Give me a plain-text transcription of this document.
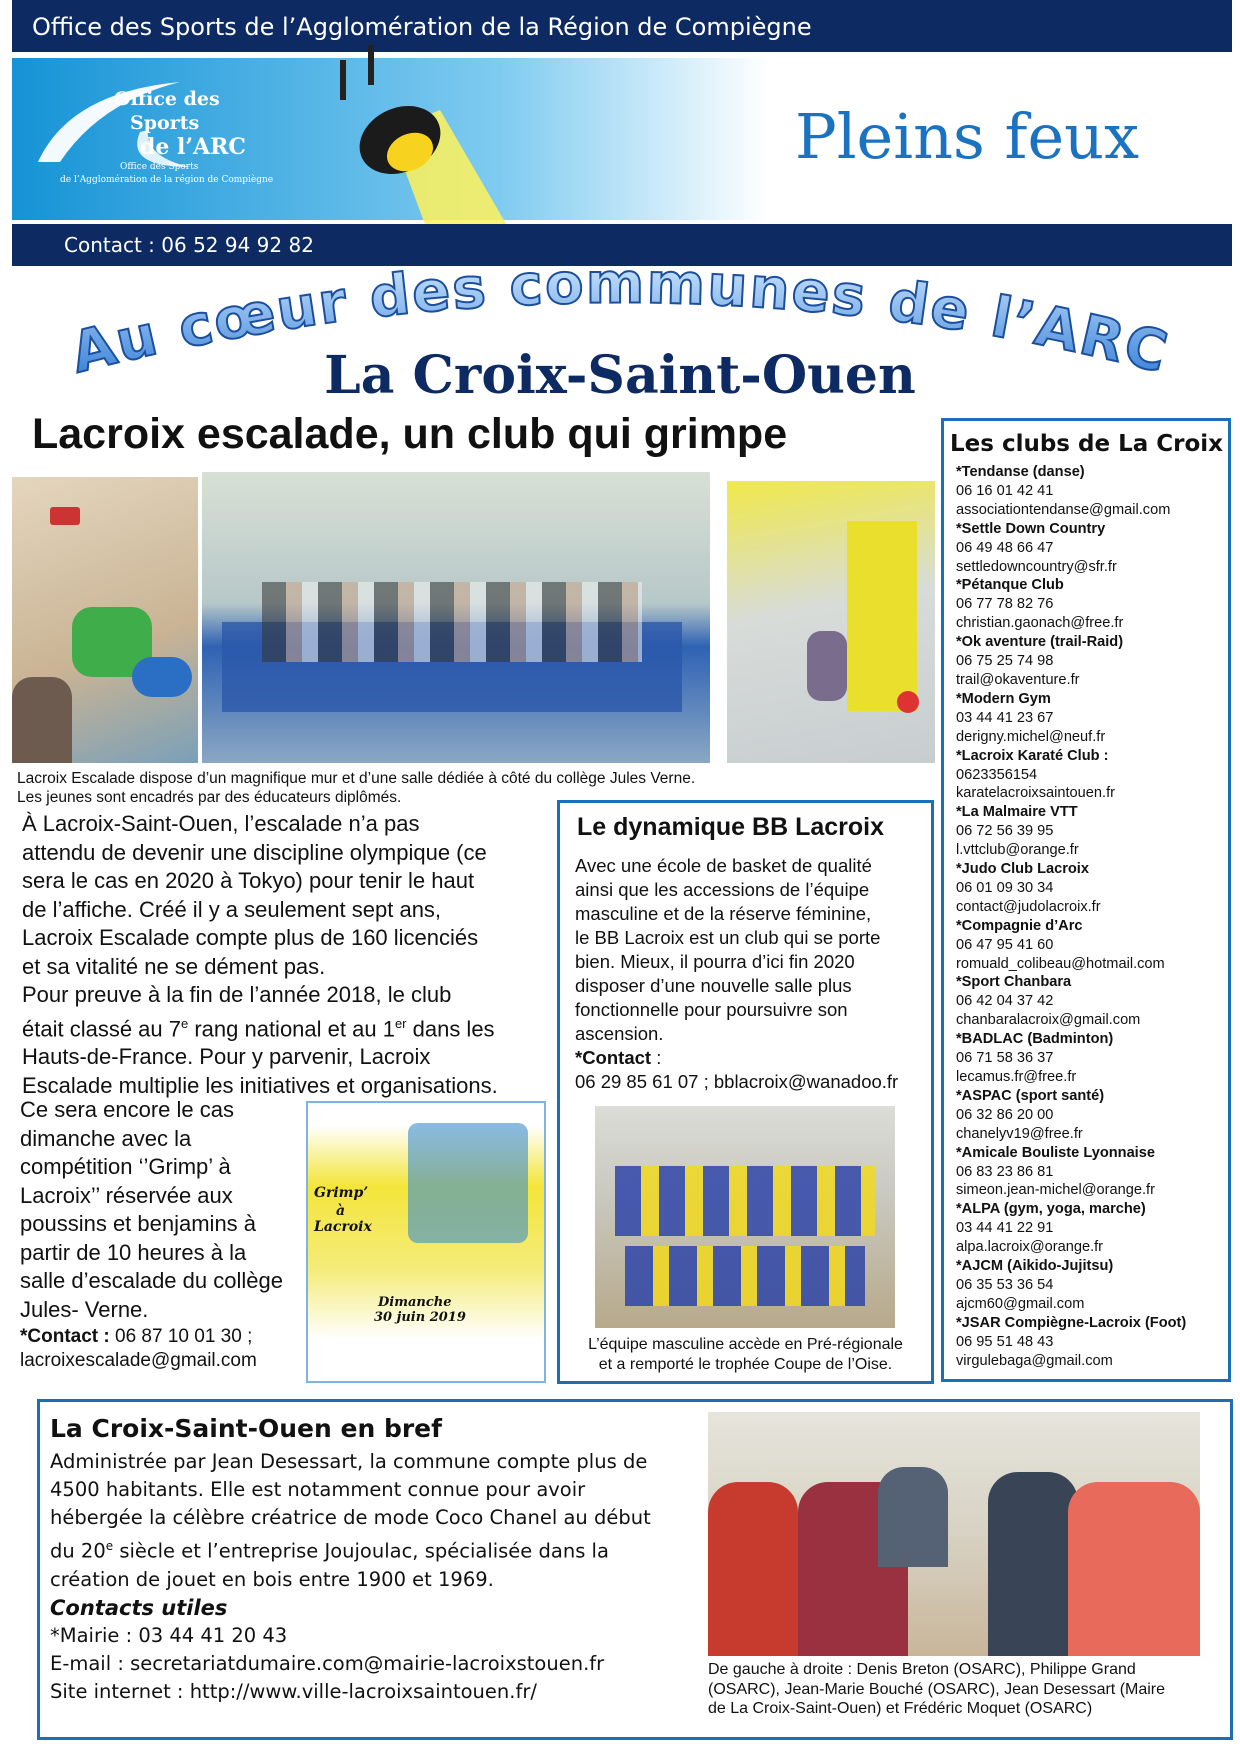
Office des Sports de l’Agglomération de la Région de Compiègne
Office des
Sports
de l’ARC
Office des Sports
de l’Agglomération de la région de Compiègne
Pleins feux
Contact : 06 52 94 92 82
Au cœur des communes de l’ARC
La Croix-Saint-Ouen
Lacroix escalade, un club qui grimpe
Lacroix Escalade dispose d’un magnifique mur et d’une salle dédiée à côté du collège Jules Verne.
Les jeunes sont encadrés par des éducateurs diplômés.
À Lacroix-Saint-Ouen, l’escalade n’a pas
attendu de devenir une discipline olympique (ce
sera le cas en 2020 à Tokyo) pour tenir le haut
de l’affiche. Créé il y a seulement sept ans,
Lacroix Escalade compte plus de 160 licenciés
et sa vitalité ne se dément pas.
Pour preuve à la fin de l’année 2018, le club
était classé au 7e rang national et au 1er dans les
Hauts-de-France. Pour y parvenir, Lacroix
Escalade multiplie les initiatives et organisations.
Ce sera encore le cas
dimanche avec la
compétition ‘’Grimp’ à
Lacroix’’ réservée aux
poussins et benjamins à
partir de 10 heures à la
salle d’escalade du collège
Jules- Verne.
*Contact : 06 87 10 01 30 ;
lacroixescalade@gmail.com
Grimp’
à
Lacroix
Dimanche
30 juin 2019
Le dynamique BB Lacroix
Avec une école de basket de qualité
ainsi que les accessions de l’équipe
masculine et de la réserve féminine,
le BB Lacroix est un club qui se porte
bien. Mieux, il pourra d’ici fin 2020
disposer d’une nouvelle salle plus
fonctionnelle pour poursuivre son
ascension.
*Contact :
06 29 85 61 07 ; bblacroix@wanadoo.fr
L’équipe masculine accède en Pré-régionale
et a remporté le trophée Coupe de l’Oise.
Les clubs de La Croix
*Tendanse (danse)
06 16 01 42 41
associationtendanse@gmail.com
*Settle Down Country
06 49 48 66 47
settledowncountry@sfr.fr
*Pétanque Club
06 77 78 82 76
christian.gaonach@free.fr
*Ok aventure (trail-Raid)
06 75 25 74 98
trail@okaventure.fr
*Modern Gym
03 44 41 23 67
derigny.michel@neuf.fr
*Lacroix Karaté Club :
0623356154
karatelacroixsaintouen.fr
*La Malmaire VTT
06 72 56 39 95
l.vttclub@orange.fr
*Judo Club Lacroix
06 01 09 30 34
contact@judolacroix.fr
*Compagnie d’Arc
06 47 95 41 60
romuald_colibeau@hotmail.com
*Sport Chanbara
06 42 04 37 42
chanbaralacroix@gmail.com
*BADLAC (Badminton)
06 71 58 36 37
lecamus.fr@free.fr
*ASPAC (sport santé)
06 32 86 20 00
chanelyv19@free.fr
*Amicale Bouliste Lyonnaise
06 83 23 86 81
simeon.jean-michel@orange.fr
*ALPA (gym, yoga, marche)
03 44 41 22 91
alpa.lacroix@orange.fr
*AJCM (Aikido-Jujitsu)
06 35 53 36 54
ajcm60@gmail.com
*JSAR Compiègne-Lacroix (Foot)
06 95 51 48 43
virgulebaga@gmail.com
La Croix-Saint-Ouen en bref
Administrée par Jean Desessart, la commune compte plus de
4500 habitants. Elle est notamment connue pour avoir
hébergée la célèbre créatrice de mode Coco Chanel au début
du 20e siècle et l’entreprise Joujoulac, spécialisée dans la
création de jouet en bois entre 1900 et 1969.
Contacts utiles
*Mairie : 03 44 41 20 43
E-mail : secretariatdumaire.com@mairie-lacroixstouen.fr
Site internet : http://www.ville-lacroixsaintouen.fr/
De gauche à droite : Denis Breton (OSARC), Philippe Grand
(OSARC), Jean-Marie Bouché (OSARC), Jean Desessart (Maire
de La Croix-Saint-Ouen) et Frédéric Moquet (OSARC)
